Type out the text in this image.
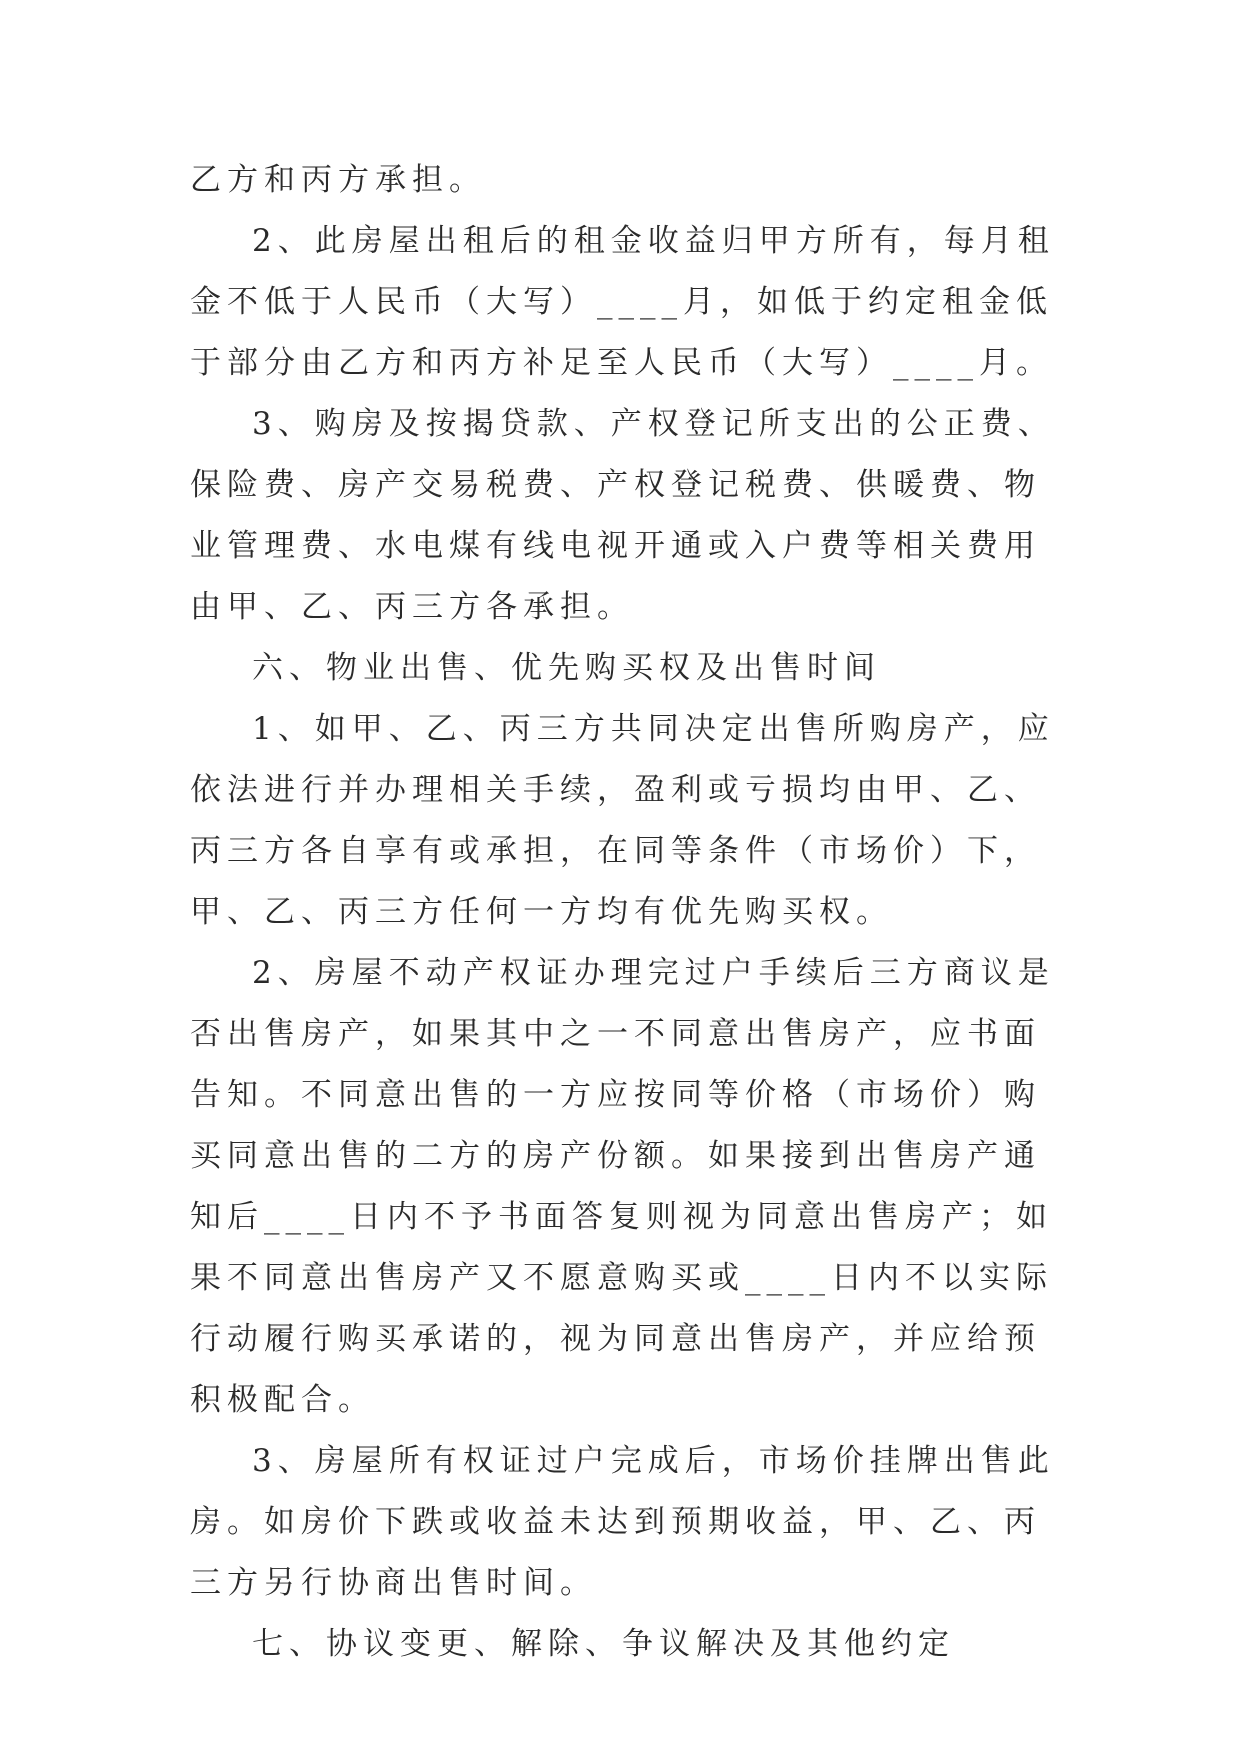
乙方和丙方承担。

2、此房屋出租后的租金收益归甲方所有，每月租金不低于人民币（大写）____月，如低于约定租金低于部分由乙方和丙方补足至人民币（大写）____月。

3、购房及按揭贷款、产权登记所支出的公正费、保险费、房产交易税费、产权登记税费、供暖费、物业管理费、水电煤有线电视开通或入户费等相关费用由甲、乙、丙三方各承担。

六、物业出售、优先购买权及出售时间

1、如甲、乙、丙三方共同决定出售所购房产，应依法进行并办理相关手续，盈利或亏损均由甲、乙、丙三方各自享有或承担，在同等条件（市场价）下，甲、乙、丙三方任何一方均有优先购买权。

2、房屋不动产权证办理完过户手续后三方商议是否出售房产，如果其中之一不同意出售房产，应书面告知。不同意出售的一方应按同等价格（市场价）购买同意出售的二方的房产份额。如果接到出售房产通知后____日内不予书面答复则视为同意出售房产；如果不同意出售房产又不愿意购买或____日内不以实际行动履行购买承诺的，视为同意出售房产，并应给预积极配合。

3、房屋所有权证过户完成后，市场价挂牌出售此房。如房价下跌或收益未达到预期收益，甲、乙、丙三方另行协商出售时间。

七、协议变更、解除、争议解决及其他约定
